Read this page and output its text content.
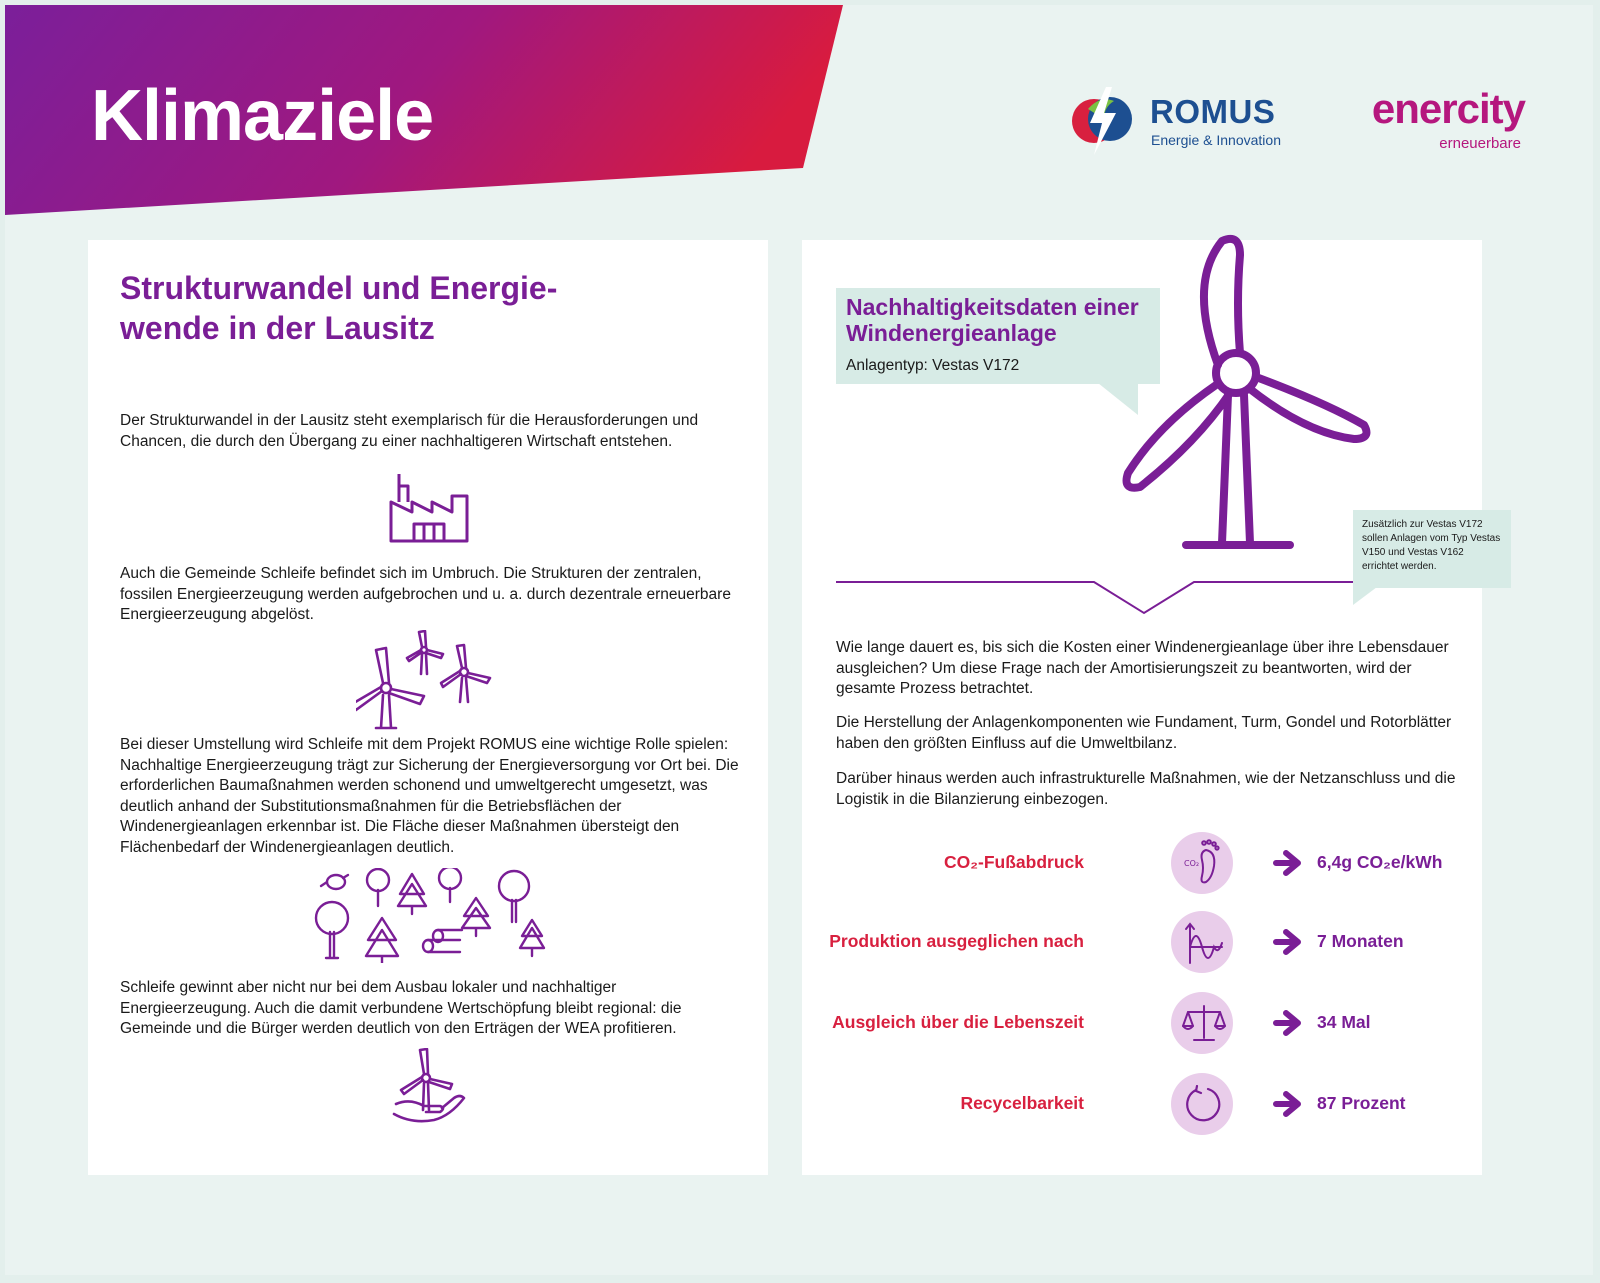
Klimaziele	ROMUS
Energie & Innovation
enercity
erneuerbare
Strukturwandel und Energie-
wende in der Lausitz

Der Strukturwandel in der Lausitz steht exemplarisch für die Herausforderungen und Chancen, die durch den Übergang zu einer nachhaltigeren Wirtschaft entstehen.

Auch die Gemeinde Schleife befindet sich im Umbruch. Die Strukturen der zentralen, fossilen Energieerzeugung werden aufgebrochen und u. a. durch dezentrale erneuerbare Energieerzeugung abgelöst.

Bei dieser Umstellung wird Schleife mit dem Projekt ROMUS eine wichtige Rolle spielen: Nachhaltige Energieerzeugung trägt zur Sicherung der Energieversorgung vor Ort bei. Die erforderlichen Baumaßnahmen werden schonend und umweltgerecht umgesetzt, was deutlich anhand der Substitutionsmaßnahmen für die Betriebsflächen der Windenergieanlagen erkennbar ist. Die Fläche dieser Maßnahmen übersteigt den Flächenbedarf der Windenergieanlagen deutlich.

Schleife gewinnt aber nicht nur bei dem Ausbau lokaler und nachhaltiger Energieerzeugung. Auch die damit verbundene Wertschöpfung bleibt regional: die Gemeinde und die Bürger werden deutlich von den Erträgen der WEA profitieren.

Nachhaltigkeitsdaten einer Windenergieanlage

Anlagentyp: Vestas V172

Wie lange dauert es, bis sich die Kosten einer Windenergieanlage über ihre Lebensdauer ausgleichen? Um diese Frage nach der Amortisierungszeit zu beantworten, wird der gesamte Prozess betrachtet.

Die Herstellung der Anlagenkomponenten wie Fundament, Turm, Gondel und Rotorblätter haben den größten Einfluss auf die Umweltbilanz.

Darüber hinaus werden auch infrastrukturelle Maßnahmen, wie der Netzanschluss und die Logistik in die Bilanzierung einbezogen.

CO₂-Fußabdruck	CO₂	6,4g CO₂e/kWh
Produktion ausgeglichen nach	7 Monaten
Ausgleich über die Lebenszeit	34 Mal
Recycelbarkeit	87 Prozent

Zusätzlich zur Vestas V172 sollen Anlagen vom Typ Vestas V150 und Vestas V162 errichtet werden.
